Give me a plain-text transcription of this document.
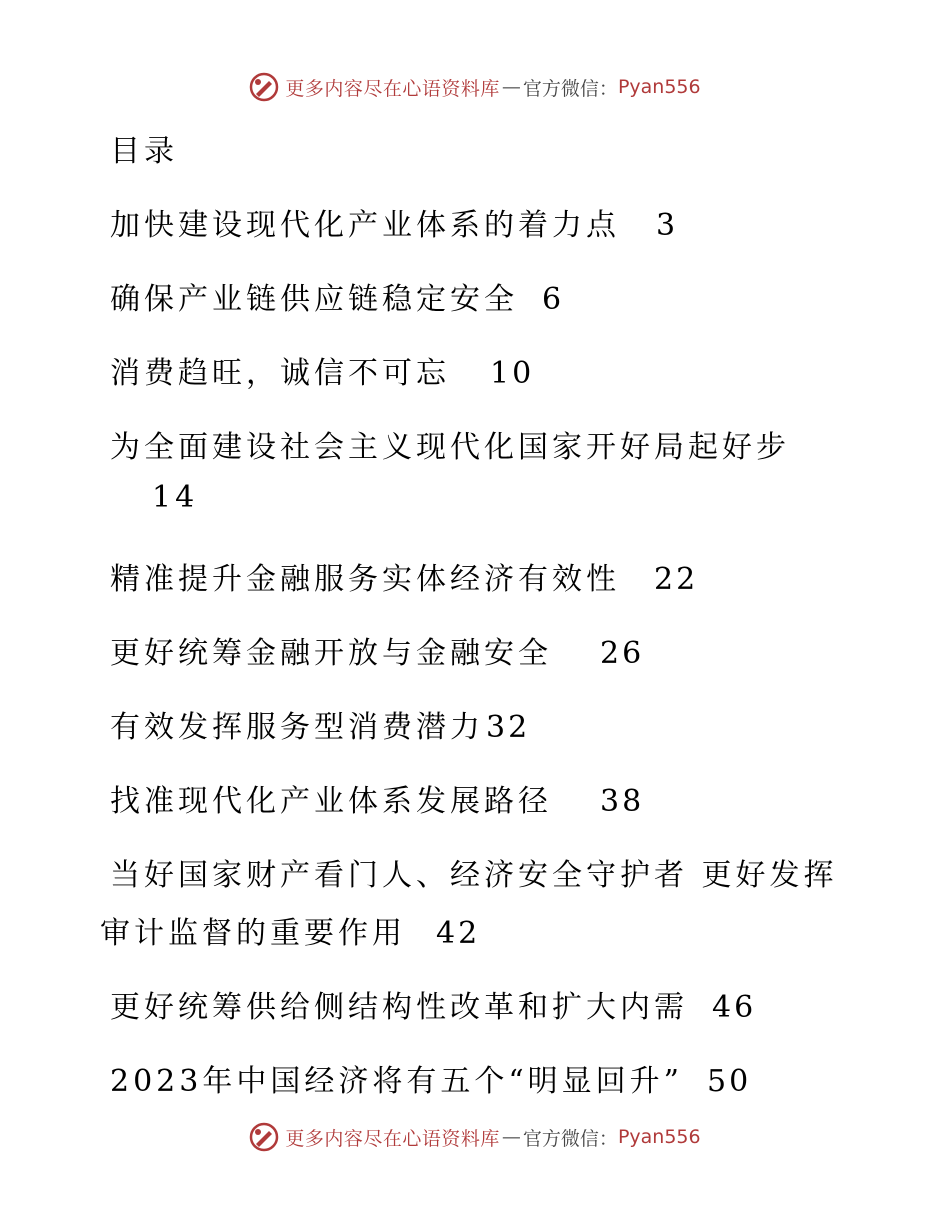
更多内容尽在心语资料库 — 官方微信： Pyan556
目录
加快建设现代化产业体系的着力点 3
确保产业链供应链稳定安全 6
消费趋旺，诚信不可忘 10
为全面建设社会主义现代化国家开好局起好步
14
精准提升金融服务实体经济有效性 22
更好统筹金融开放与金融安全 26
有效发挥服务型消费潜力32
找准现代化产业体系发展路径 38
当好国家财产看门人、经济安全守护者 更好发挥
审计监督的重要作用 42
更好统筹供给侧结构性改革和扩大内需 46
2023年中国经济将有五个“明显回升” 50
更多内容尽在心语资料库 — 官方微信： Pyan556
